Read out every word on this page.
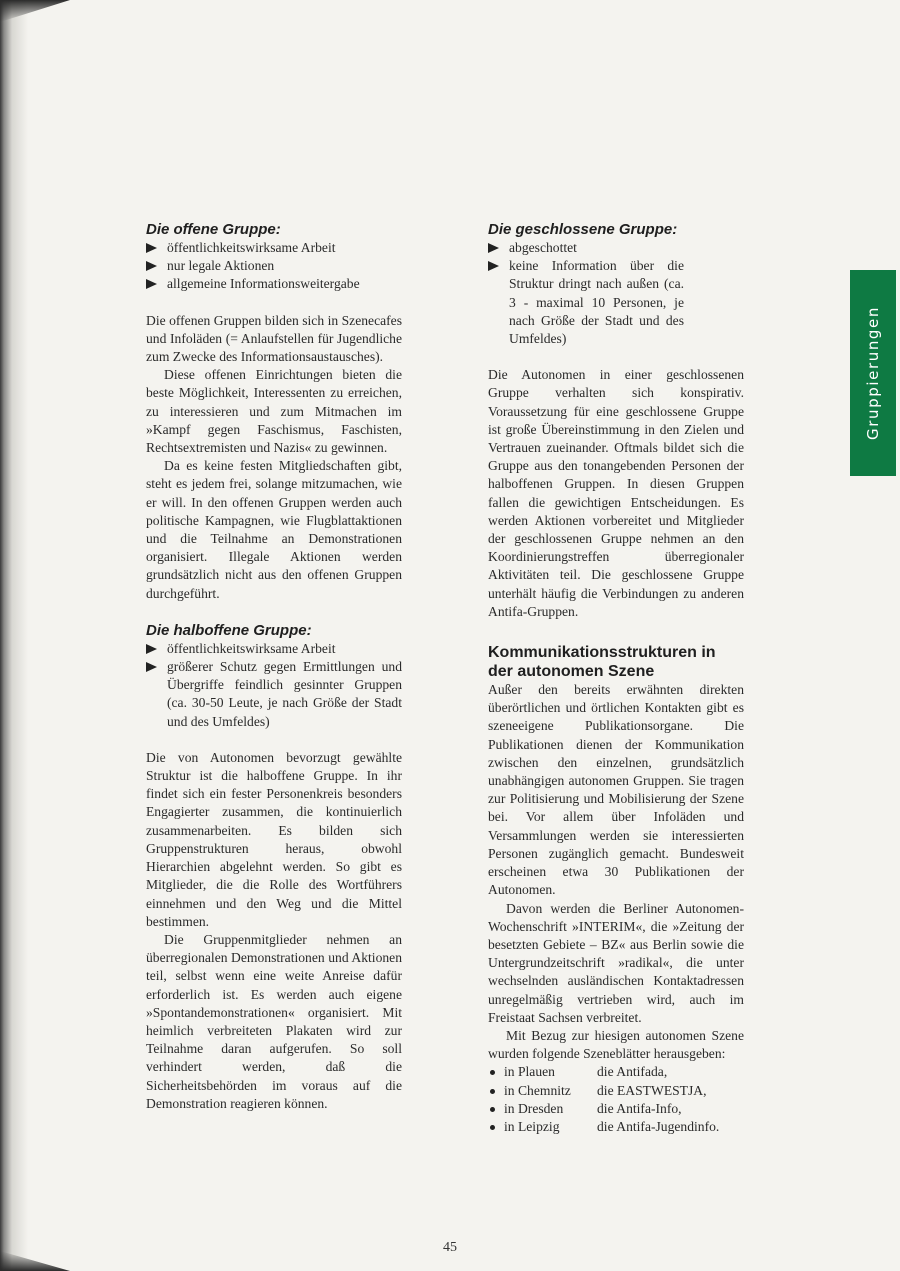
Gruppierungen
Die offene Gruppe:
öffentlichkeitswirksame Arbeit
nur legale Aktionen
allgemeine Informationsweitergabe

Die offenen Gruppen bilden sich in Szenecafes und Infoläden (= Anlaufstellen für Jugendliche zum Zwecke des Informationsaustausches).

Diese offenen Einrichtungen bieten die beste Möglichkeit, Interessenten zu erreichen, zu interessieren und zum Mitmachen im »Kampf gegen Faschismus, Faschisten, Rechtsextremisten und Nazis« zu gewinnen.

Da es keine festen Mitgliedschaften gibt, steht es jedem frei, solange mitzumachen, wie er will. In den offenen Gruppen werden auch politische Kampagnen, wie Flugblattaktionen und die Teilnahme an Demonstrationen organisiert. Illegale Aktionen werden grundsätzlich nicht aus den offenen Gruppen durchgeführt.

Die halboffene Gruppe:
öffentlichkeitswirksame Arbeit
größerer Schutz gegen Ermittlungen und Übergriffe feindlich gesinnter Gruppen (ca. 30-50 Leute, je nach Größe der Stadt und des Umfeldes)

Die von Autonomen bevorzugt gewählte Struktur ist die halboffene Gruppe. In ihr findet sich ein fester Personenkreis besonders Engagierter zusammen, die kontinuierlich zusammenarbeiten. Es bilden sich Gruppenstrukturen heraus, obwohl Hierarchien abgelehnt werden. So gibt es Mitglieder, die die Rolle des Wortführers einnehmen und den Weg und die Mittel bestimmen.

Die Gruppenmitglieder nehmen an überregionalen Demonstrationen und Aktionen teil, selbst wenn eine weite Anreise dafür erforderlich ist. Es werden auch eigene »Spontandemonstrationen« organisiert. Mit heimlich verbreiteten Plakaten wird zur Teilnahme daran aufgerufen. So soll verhindert werden, daß die Sicherheitsbehörden im voraus auf die Demonstration reagieren können.

Die geschlossene Gruppe:
abgeschottet
keine Information über die Struktur dringt nach außen (ca. 3 - maximal 10 Personen, je nach Größe der Stadt und des Umfeldes)

Die Autonomen in einer geschlossenen Gruppe verhalten sich konspirativ. Voraussetzung für eine geschlossene Gruppe ist große Übereinstimmung in den Zielen und Vertrauen zueinander. Oftmals bildet sich die Gruppe aus den tonangebenden Personen der halboffenen Gruppen. In diesen Gruppen fallen die gewichtigen Entscheidungen. Es werden Aktionen vorbereitet und Mitglieder der geschlossenen Gruppe nehmen an den Koordinierungstreffen überregionaler Aktivitäten teil. Die geschlossene Gruppe unterhält häufig die Verbindungen zu anderen Antifa-Gruppen.

Kommunikationsstrukturen in der autonomen Szene

Außer den bereits erwähnten direkten überörtlichen und örtlichen Kontakten gibt es szeneeigene Publikationsorgane. Die Publikationen dienen der Kommunikation zwischen den einzelnen, grundsätzlich unabhängigen autonomen Gruppen. Sie tragen zur Politisierung und Mobilisierung der Szene bei. Vor allem über Infoläden und Versammlungen werden sie interessierten Personen zugänglich gemacht. Bundesweit erscheinen etwa 30 Publikationen der Autonomen.

Davon werden die Berliner Autonomen-Wochenschrift »INTERIM«, die »Zeitung der besetzten Gebiete – BZ« aus Berlin sowie die Untergrundzeitschrift »radikal«, die unter wechselnden ausländischen Kontaktadressen unregelmäßig vertrieben wird, auch im Freistaat Sachsen verbreitet.

Mit Bezug zur hiesigen autonomen Szene wurden folgende Szeneblätter herausgeben:

in Plauen	die Antifada,
in Chemnitz	die EASTWESTJA,
in Dresden	die Antifa-Info,
in Leipzig	die Antifa-Jugendinfo.
45
